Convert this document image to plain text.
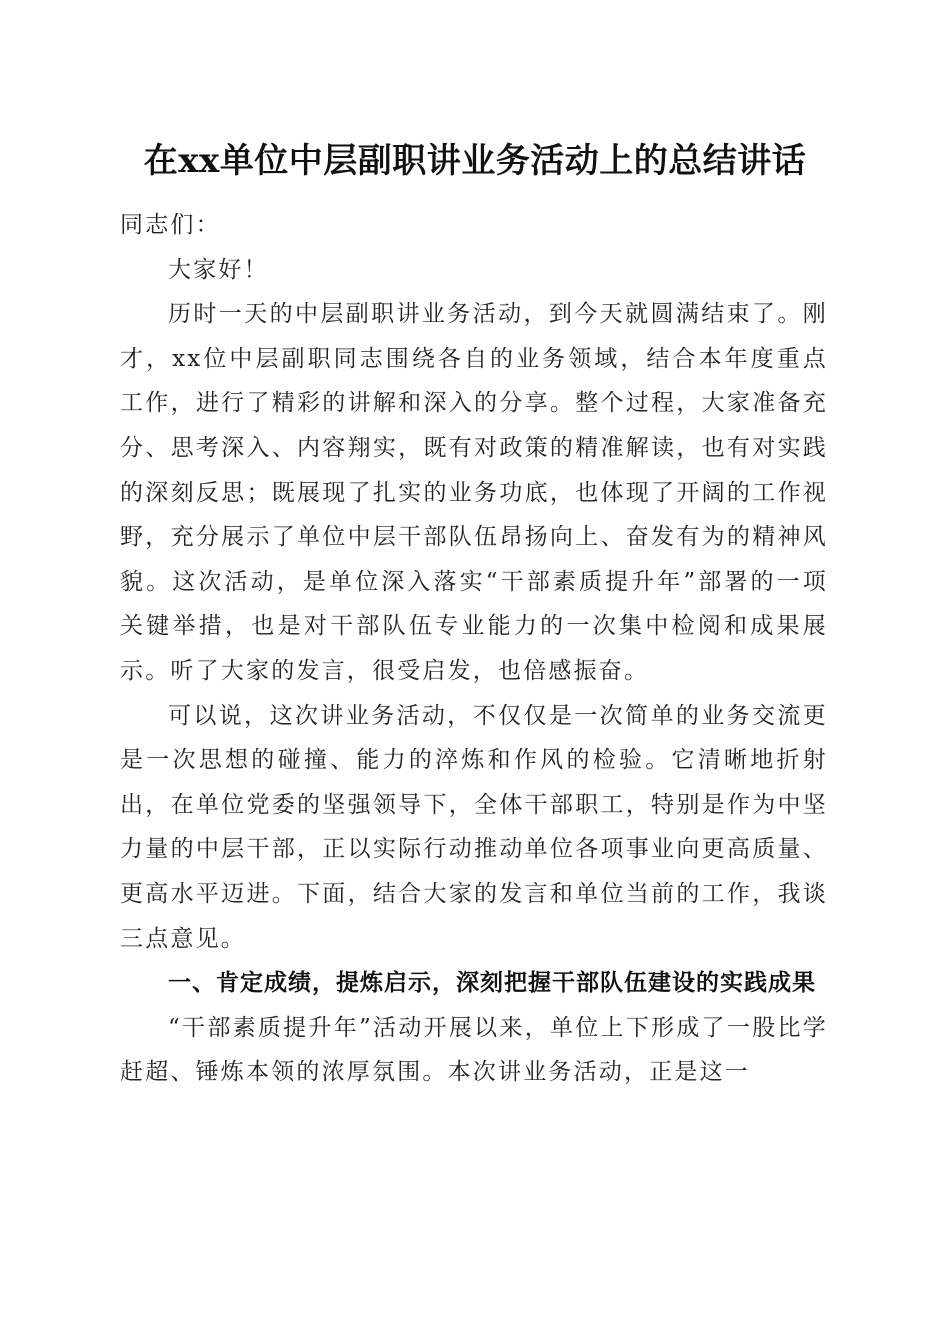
在xx单位中层副职讲业务活动上的总结讲话

同志们：

大家好！

历时一天的中层副职讲业务活动，到今天就圆满结束了。刚才，xx位中层副职同志围绕各自的业务领域，结合本年度重点工作，进行了精彩的讲解和深入的分享。整个过程，大家准备充分、思考深入、内容翔实，既有对政策的精准解读，也有对实践的深刻反思；既展现了扎实的业务功底，也体现了开阔的工作视野，充分展示了单位中层干部队伍昂扬向上、奋发有为的精神风貌。这次活动，是单位深入落实“干部素质提升年”部署的一项关键举措，也是对干部队伍专业能力的一次集中检阅和成果展示。听了大家的发言，很受启发，也倍感振奋。

可以说，这次讲业务活动，不仅仅是一次简单的业务交流更是一次思想的碰撞、能力的淬炼和作风的检验。它清晰地折射出，在单位党委的坚强领导下，全体干部职工，特别是作为中坚力量的中层干部，正以实际行动推动单位各项事业向更高质量、更高水平迈进。下面，结合大家的发言和单位当前的工作，我谈三点意见。

一、肯定成绩，提炼启示，深刻把握干部队伍建设的实践成果

“干部素质提升年”活动开展以来，单位上下形成了一股比学赶超、锤炼本领的浓厚氛围。本次讲业务活动，正是这一
